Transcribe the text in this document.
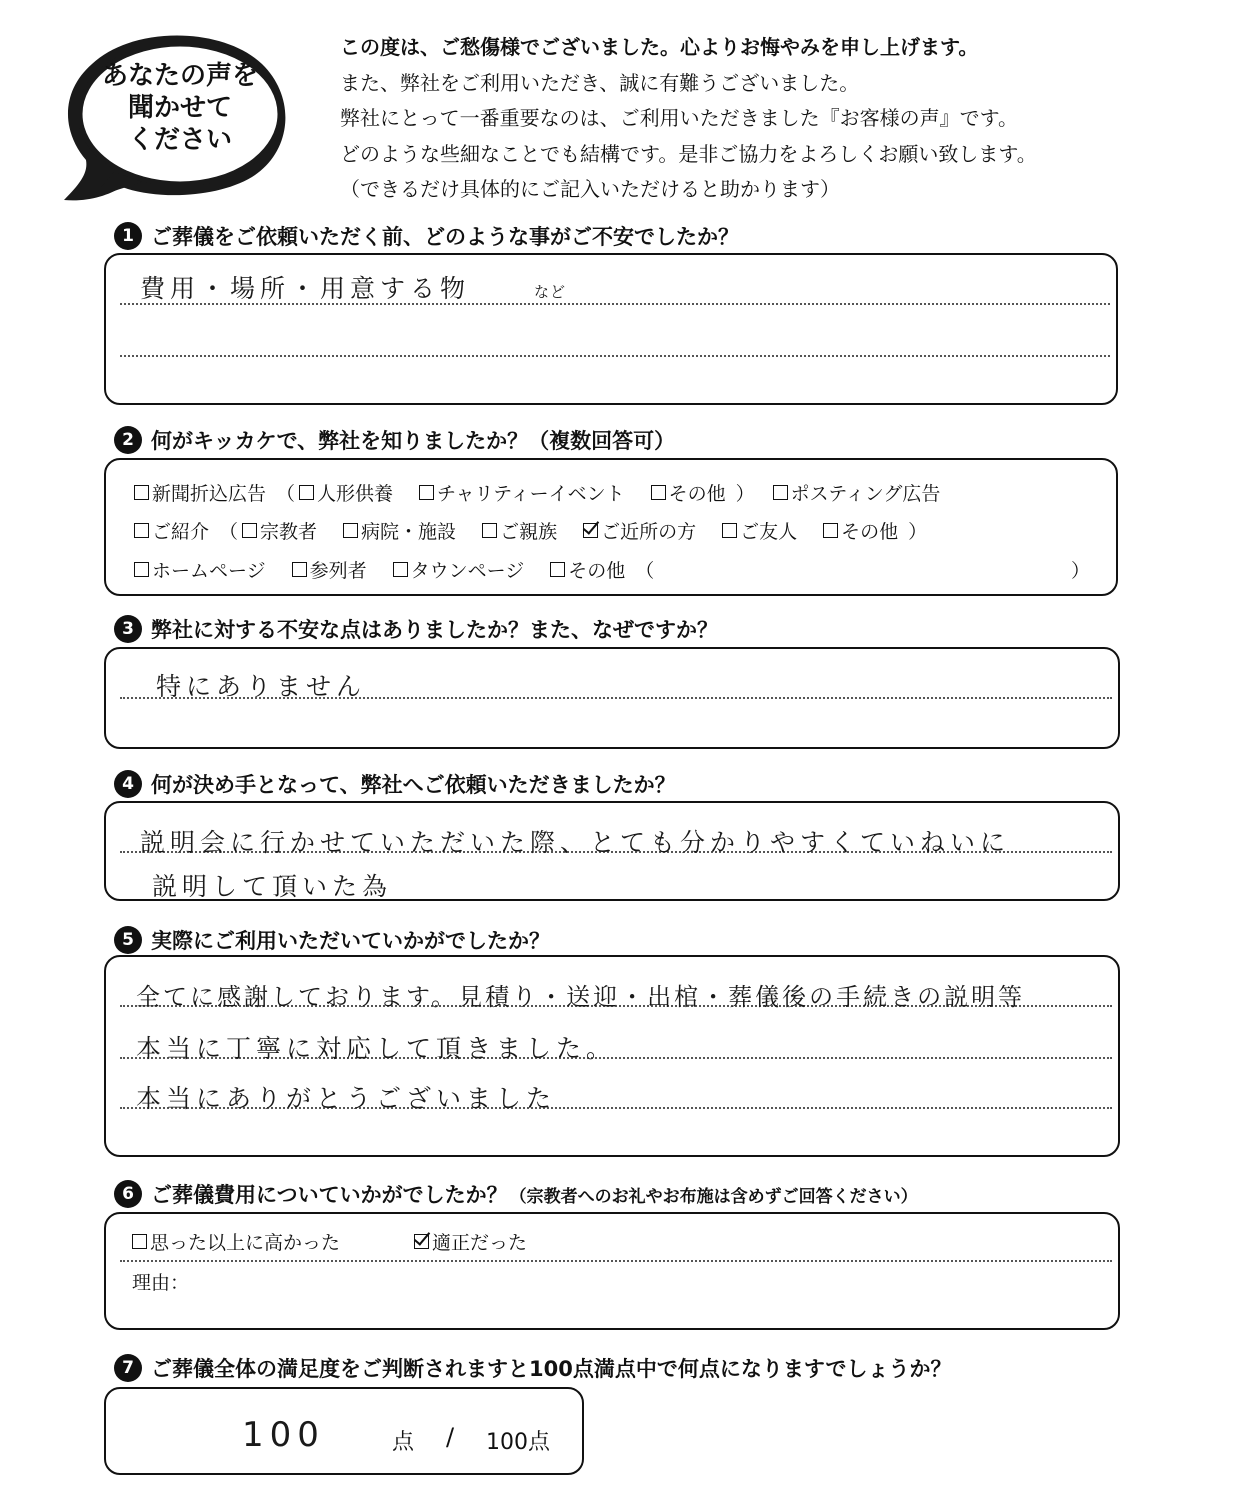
あなたの声を
聞かせて
ください
この度は、ご愁傷様でございました。心よりお悔やみを申し上げます。
また、弊社をご利用いただき、誠に有難うございました。
弊社にとって一番重要なのは、ご利用いただきました『お客様の声』です。
どのような些細なことでも結構です。是非ご協力をよろしくお願い致します。
（できるだけ具体的にご記入いただけると助かります）
1 ご葬儀をご依頼いただく前、どのような事がご不安でしたか？
費用・場所・用意する物	など
2 何がキッカケで、弊社を知りましたか？（複数回答可）
新聞折込広告 （ 人形供養 チャリティーイベント その他 ） ポスティング広告
ご紹介 （ 宗教者 病院・施設 ご親族 ご近所の方 ご友人 その他 ）
ホームページ 参列者 タウンページ その他 （	）
3 弊社に対する不安な点はありましたか？また、なぜですか？
特にありません
4 何が決め手となって、弊社へご依頼いただきましたか？
説明会に行かせていただいた際、とても分かりやすくていねいに
説明して頂いた為
5 実際にご利用いただいていかがでしたか？
全てに感謝しております。見積り・送迎・出棺・葬儀後の手続きの説明等
本当に丁寧に対応して頂きました。
本当にありがとうございました
6 ご葬儀費用についていかがでしたか？ （宗教者へのお礼やお布施は含めずご回答ください）
思った以上に高かった	適正だった
理由：
7 ご葬儀全体の満足度をご判断されますと100点満点中で何点になりますでしょうか？
100	点 / 100点
